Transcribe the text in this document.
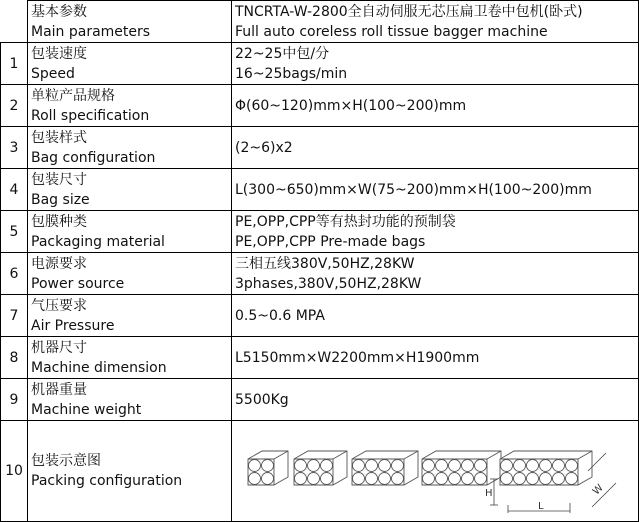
	基本参数
Main parameters	TNCRTA-W-2800全自动伺服无芯压扁卫卷中包机(卧式)
Full auto coreless roll tissue bagger machine

1	包装速度
Speed	22~25中包/分
16~25bags/min

2	单粒产品规格
Roll specification	Φ(60~120)mm×H(100~200)mm
3	包装样式
Bag configuration	(2~6)x2
4	包装尺寸
Bag size	L(300~650)mm×W(75~200)mm×H(100~200)mm
5	包膜种类
Packaging material	PE,OPP,CPP等有热封功能的预制袋
PE,OPP,CPP Pre-made bags

6	电源要求
Power source	三相五线380V,50HZ,28KW
3phases,380V,50HZ,28KW

7	气压要求
Air Pressure	0.5~0.6 MPA
8	机器尺寸
Machine dimension	L5150mm×W2200mm×H1900mm
9	机器重量
Machine weight	5500Kg
10	包装示意图
Packing configuration	H
L
W
